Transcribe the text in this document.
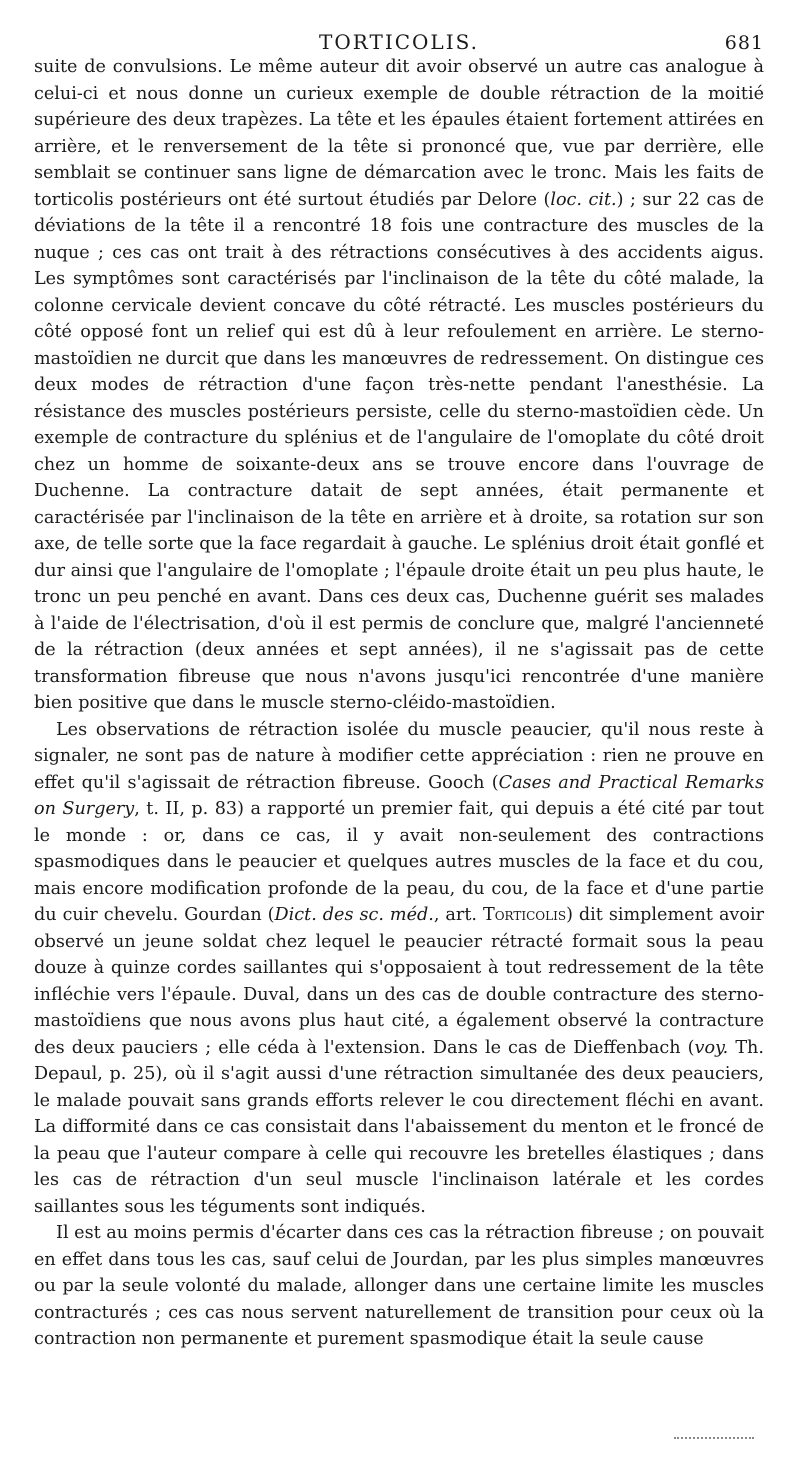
TORTICOLIS.	681

suite de convulsions. Le même auteur dit avoir observé un autre cas analogue à celui-ci et nous donne un curieux exemple de double rétraction de la moitié supérieure des deux trapèzes. La tête et les épaules étaient fortement attirées en arrière, et le renversement de la tête si prononcé que, vue par derrière, elle semblait se continuer sans ligne de démarcation avec le tronc. Mais les faits de torticolis postérieurs ont été surtout étudiés par Delore (loc. cit.) ; sur 22 cas de déviations de la tête il a rencontré 18 fois une contracture des muscles de la nuque ; ces cas ont trait à des rétractions consécutives à des accidents aigus. Les symptômes sont caractérisés par l'inclinaison de la tête du côté malade, la colonne cervicale devient concave du côté rétracté. Les muscles postérieurs du côté opposé font un relief qui est dû à leur refoulement en arrière. Le sterno-mastoïdien ne durcit que dans les manœuvres de redressement. On distingue ces deux modes de rétraction d'une façon très-nette pendant l'anesthésie. La résistance des muscles postérieurs persiste, celle du sterno-mastoïdien cède. Un exemple de contracture du splénius et de l'angulaire de l'omoplate du côté droit chez un homme de soixante-deux ans se trouve encore dans l'ouvrage de Duchenne. La contracture datait de sept années, était permanente et caractérisée par l'inclinaison de la tête en arrière et à droite, sa rotation sur son axe, de telle sorte que la face regardait à gauche. Le splénius droit était gonflé et dur ainsi que l'angulaire de l'omoplate ; l'épaule droite était un peu plus haute, le tronc un peu penché en avant. Dans ces deux cas, Duchenne guérit ses malades à l'aide de l'électrisation, d'où il est permis de conclure que, malgré l'ancienneté de la rétraction (deux années et sept années), il ne s'agissait pas de cette transformation fibreuse que nous n'avons jusqu'ici rencontrée d'une manière bien positive que dans le muscle sterno-cléido-mastoïdien.

Les observations de rétraction isolée du muscle peaucier, qu'il nous reste à signaler, ne sont pas de nature à modifier cette appréciation : rien ne prouve en effet qu'il s'agissait de rétraction fibreuse. Gooch (Cases and Practical Remarks on Surgery, t. II, p. 83) a rapporté un premier fait, qui depuis a été cité par tout le monde : or, dans ce cas, il y avait non-seulement des contractions spasmodiques dans le peaucier et quelques autres muscles de la face et du cou, mais encore modification profonde de la peau, du cou, de la face et d'une partie du cuir chevelu. Gourdan (Dict. des sc. méd., art. Torticolis) dit simplement avoir observé un jeune soldat chez lequel le peaucier rétracté formait sous la peau douze à quinze cordes saillantes qui s'opposaient à tout redressement de la tête infléchie vers l'épaule. Duval, dans un des cas de double contracture des sterno-mastoïdiens que nous avons plus haut cité, a également observé la contracture des deux pauciers ; elle céda à l'extension. Dans le cas de Dieffenbach (voy. Th. Depaul, p. 25), où il s'agit aussi d'une rétraction simultanée des deux peauciers, le malade pouvait sans grands efforts relever le cou directement fléchi en avant. La difformité dans ce cas consistait dans l'abaissement du menton et le froncé de la peau que l'auteur compare à celle qui recouvre les bretelles élastiques ; dans les cas de rétraction d'un seul muscle l'inclinaison latérale et les cordes saillantes sous les téguments sont indiqués.

Il est au moins permis d'écarter dans ces cas la rétraction fibreuse ; on pouvait en effet dans tous les cas, sauf celui de Jourdan, par les plus simples manœuvres ou par la seule volonté du malade, allonger dans une certaine limite les muscles contracturés ; ces cas nous servent naturellement de transition pour ceux où la contraction non permanente et purement spasmodique était la seule cause
